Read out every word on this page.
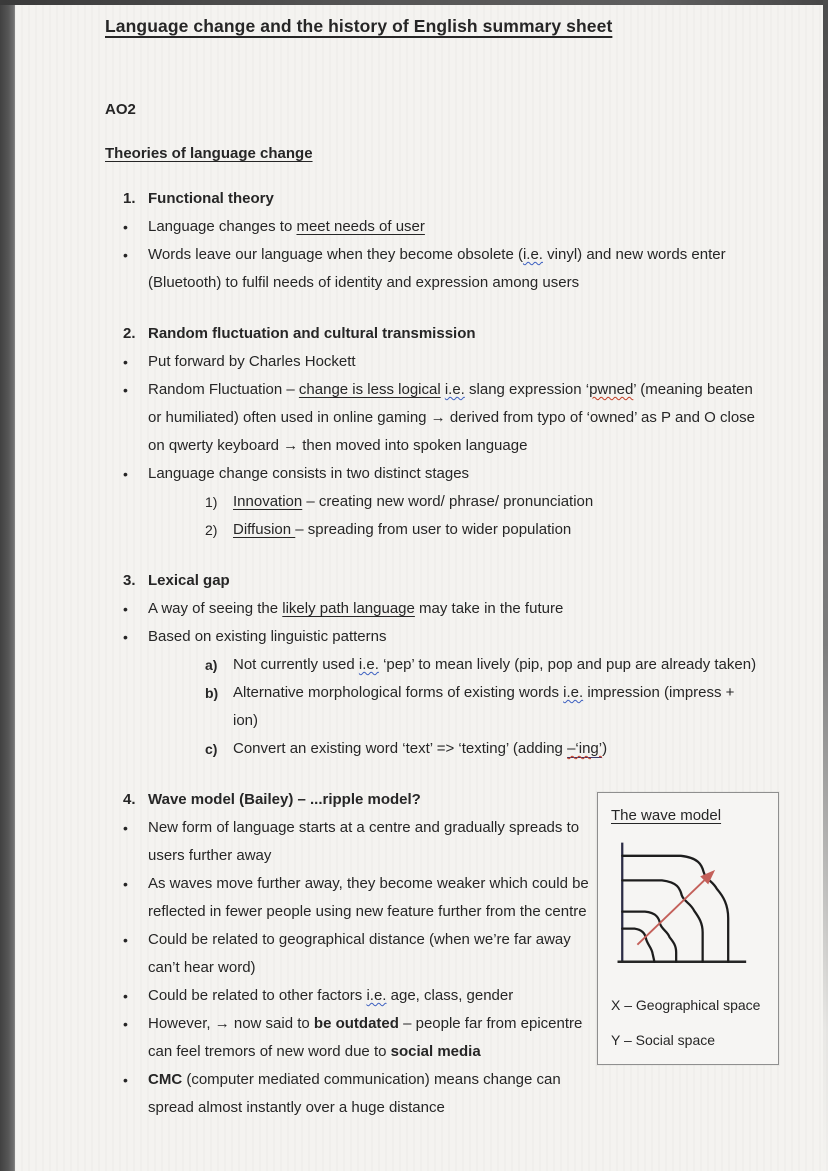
Language change and the history of English summary sheet
AO2
Theories of language change
1. Functional theory
•	Language changes to meet needs of user
•	Words leave our language when they become obsolete (i.e. vinyl) and new words enter (Bluetooth) to fulfil needs of identity and expression among users
2. Random fluctuation and cultural transmission
•	Put forward by Charles Hockett
•	Random Fluctuation – change is less logical i.e. slang expression ‘pwned’ (meaning beaten or humiliated) often used in online gaming → derived from typo of ‘owned’ as P and O close on qwerty keyboard → then moved into spoken language
•	Language change consists in two distinct stages
1)	Innovation – creating new word/ phrase/ pronunciation
2)	Diffusion – spreading from user to wider population
3. Lexical gap
•	A way of seeing the likely path language may take in the future
•	Based on existing linguistic patterns
a)	Not currently used i.e. ‘pep’ to mean lively (pip, pop and pup are already taken)
b) Alternative morphological forms of existing words i.e. impression (impress + ion)
c)	Convert an existing word ‘text’ => ‘texting’ (adding –‘ing’)
4. Wave model (Bailey) – ...ripple model?
•	New form of language starts at a centre and gradually spreads to users further away
•	As waves move further away, they become weaker which could be reflected in fewer people using new feature further from the centre
•	Could be related to geographical distance (when we’re far away can’t hear word)
•	Could be related to other factors i.e. age, class, gender
•	However, → now said to be outdated – people far from epicentre can feel tremors of new word due to social media
•	CMC (computer mediated communication) means change can spread almost instantly over a huge distance
The wave model
X – Geographical space
Y – Social space
